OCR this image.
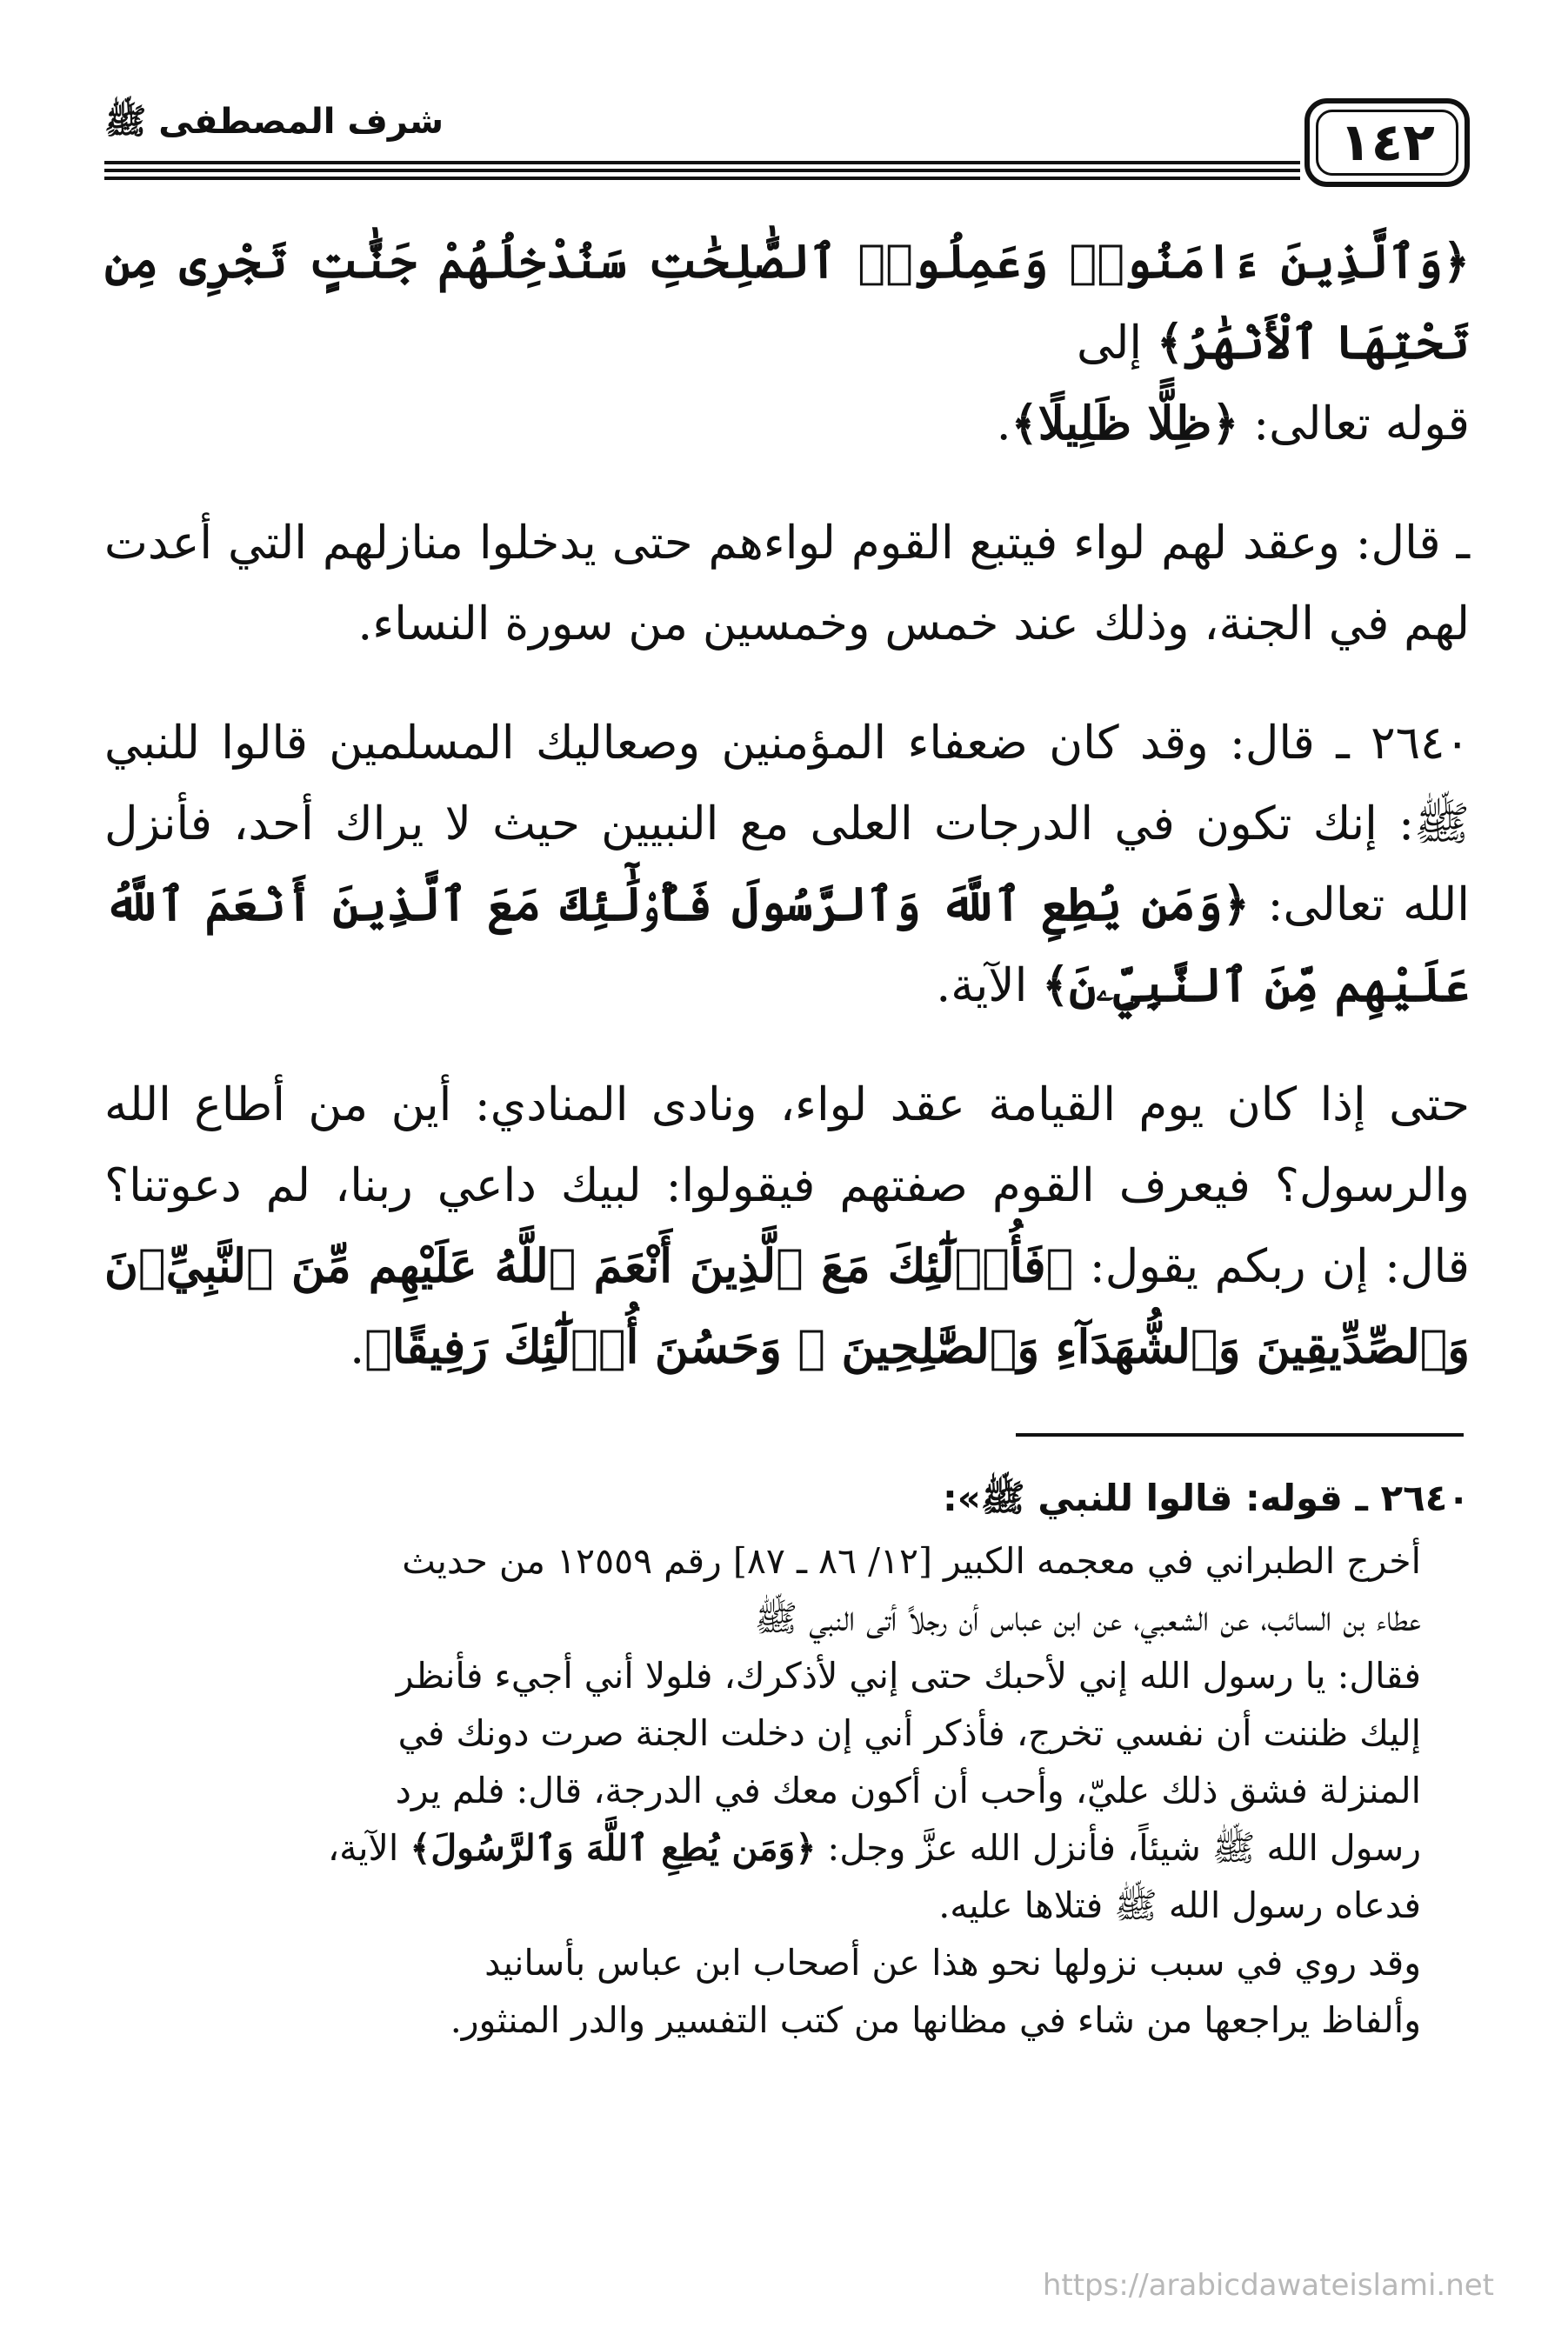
١٤٢
شرف المصطفى ﷺ

﴿وَٱلَّذِينَ ءَامَنُوا۟ وَعَمِلُوا۟ ٱلصَّٰلِحَٰتِ سَنُدْخِلُهُمْ جَنَّٰتٍ تَجْرِى مِن تَحْتِهَا ٱلْأَنْهَٰرُ﴾ إلى
قوله تعالى: ﴿ظِلًّا ظَلِيلًا﴾.

ـ قال: وعقد لهم لواء فيتبع القوم لواءهم حتى يدخلوا منازلهم التي أعدت لهم في الجنة، وذلك عند خمس وخمسين من سورة النساء.

٢٦٤٠ ـ قال: وقد كان ضعفاء المؤمنين وصعاليك المسلمين قالوا للنبي ﷺ: إنك تكون في الدرجات العلى مع النبيين حيث لا يراك أحد، فأنزل الله تعالى: ﴿وَمَن يُطِعِ ٱللَّهَ وَٱلرَّسُولَ فَأُو۟لَٰٓئِكَ مَعَ ٱلَّذِينَ أَنْعَمَ ٱللَّهُ عَلَيْهِم مِّنَ ٱلنَّبِيِّۦنَ﴾ الآية.

حتى إذا كان يوم القيامة عقد لواء، ونادى المنادي: أين من أطاع الله والرسول؟ فيعرف القوم صفتهم فيقولوا: لبيك داعي ربنا، لم دعوتنا؟ قال: إن ربكم يقول: ﴿فَأُو۟لَٰٓئِكَ مَعَ ٱلَّذِينَ أَنْعَمَ ٱللَّهُ عَلَيْهِم مِّنَ ٱلنَّبِيِّۦنَ وَٱلصِّدِّيقِينَ وَٱلشُّهَدَآءِ وَٱلصَّٰلِحِينَ ۚ وَحَسُنَ أُو۟لَٰٓئِكَ رَفِيقًا﴾.

٢٦٤٠ ـ قوله: قالوا للنبي ﷺ»:

أخرج الطبراني في معجمه الكبير [١٢/ ٨٦ ـ ٨٧] رقم ١٢٥٥٩ من حديث
عطاء بن السائب، عن الشعبي، عن ابن عباس أن رجلاً أتى النبي ﷺ
فقال: يا رسول الله إني لأحبك حتى إني لأذكرك، فلولا أني أجيء فأنظر
إليك ظننت أن نفسي تخرج، فأذكر أني إن دخلت الجنة صرت دونك في
المنزلة فشق ذلك عليّ، وأحب أن أكون معك في الدرجة، قال: فلم يرد
رسول الله ﷺ شيئاً، فأنزل الله عزَّ وجل: ﴿وَمَن يُطِعِ ٱللَّهَ وَٱلرَّسُولَ﴾ الآية،
فدعاه رسول الله ﷺ فتلاها عليه.
وقد روي في سبب نزولها نحو هذا عن أصحاب ابن عباس بأسانيد
وألفاظ يراجعها من شاء في مظانها من كتب التفسير والدر المنثور.
https://arabicdawateislami.net
